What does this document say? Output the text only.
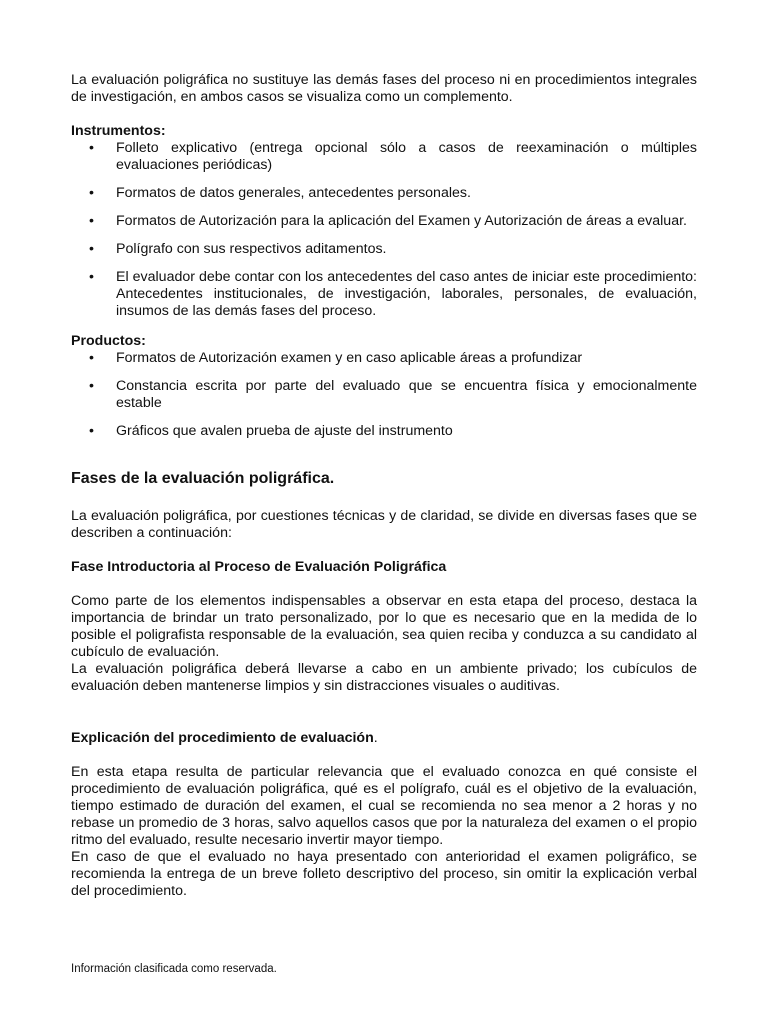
La evaluación poligráfica no sustituye las demás fases del proceso ni en procedimientos integrales de investigación, en ambos casos se visualiza como un complemento.

Instrumentos:

• Folleto explicativo (entrega opcional sólo a casos de reexaminación o múltiples evaluaciones periódicas)
• Formatos de datos generales, antecedentes personales.
• Formatos de Autorización para la aplicación del Examen y Autorización de áreas a evaluar.
• Polígrafo con sus respectivos aditamentos.
• El evaluador debe contar con los antecedentes del caso antes de iniciar este procedimiento: Antecedentes institucionales, de investigación, laborales, personales, de evaluación, insumos de las demás fases del proceso.

Productos:

• Formatos de Autorización examen y en caso aplicable áreas a profundizar
• Constancia escrita por parte del evaluado que se encuentra física y emocionalmente estable
• Gráficos que avalen prueba de ajuste del instrumento
Fases de la evaluación poligráfica.

La evaluación poligráfica, por cuestiones técnicas y de claridad, se divide en diversas fases que se describen a continuación:

Fase Introductoria al Proceso de Evaluación Poligráfica

Como parte de los elementos indispensables a observar en esta etapa del proceso, destaca la importancia de brindar un trato personalizado, por lo que es necesario que en la medida de lo posible el poligrafista responsable de la evaluación, sea quien reciba y conduzca a su candidato al cubículo de evaluación.

La evaluación poligráfica deberá llevarse a cabo en un ambiente privado; los cubículos de evaluación deben mantenerse limpios y sin distracciones visuales o auditivas.

Explicación del procedimiento de evaluación.

En esta etapa resulta de particular relevancia que el evaluado conozca en qué consiste el procedimiento de evaluación poligráfica, qué es el polígrafo, cuál es el objetivo de la evaluación, tiempo estimado de duración del examen, el cual se recomienda no sea menor a 2 horas y no rebase un promedio de 3 horas, salvo aquellos casos que por la naturaleza del examen o el propio ritmo del evaluado, resulte necesario invertir mayor tiempo.

En caso de que el evaluado no haya presentado con anterioridad el examen poligráfico, se recomienda la entrega de un breve folleto descriptivo del proceso, sin omitir la explicación verbal del procedimiento.

Información clasificada como reservada.
